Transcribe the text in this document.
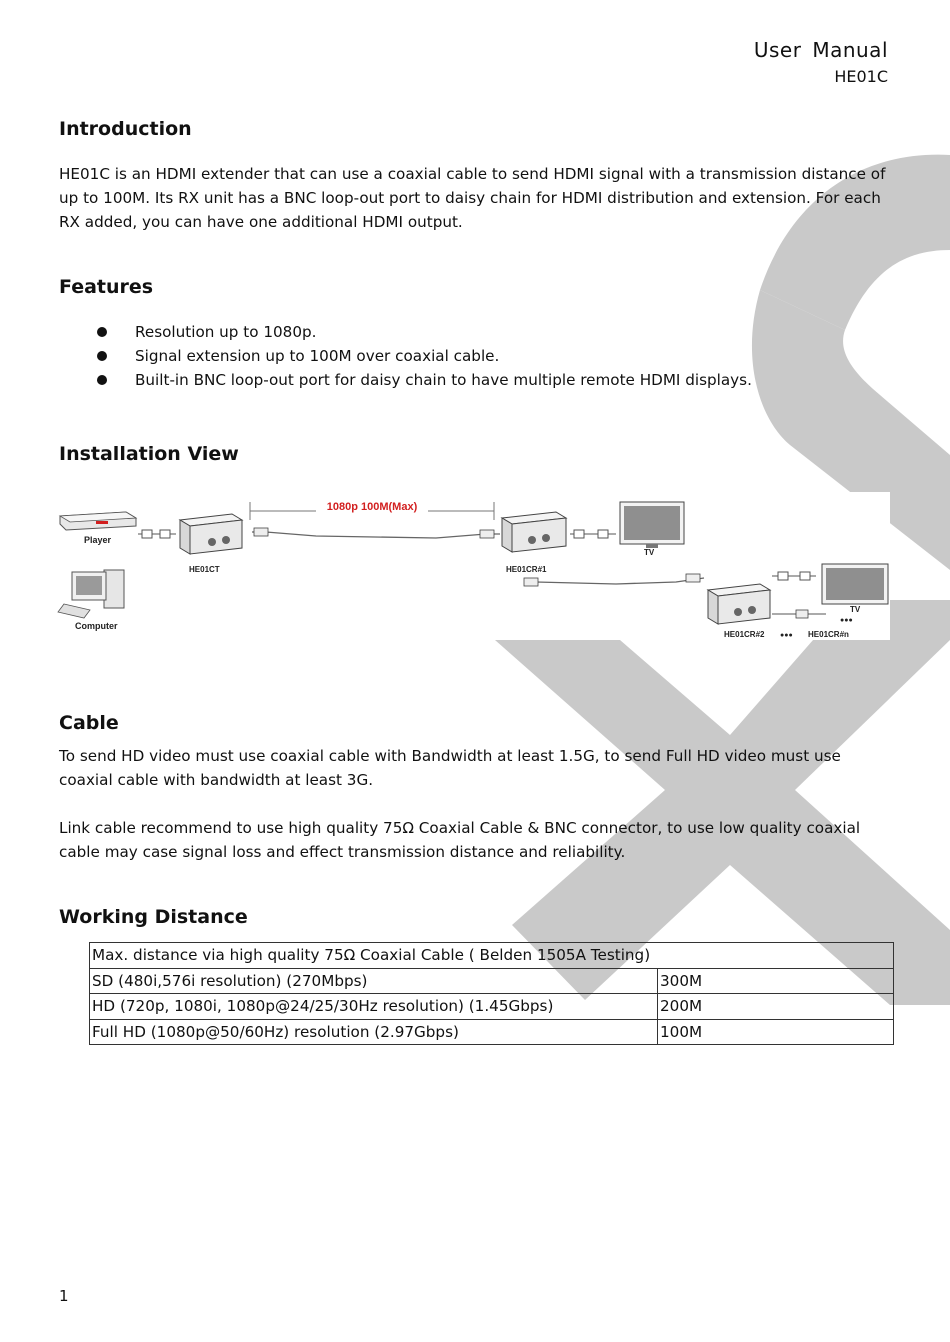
User Manual
HE01C
Introduction

HE01C is an HDMI extender that can use a coaxial cable to send HDMI signal with a transmission distance of up to 100M. Its RX unit has a BNC loop-out port to daisy chain for HDMI distribution and extension. For each RX added, you can have one additional HDMI output.

Features
Resolution up to 1080p.
Signal extension up to 100M over coaxial cable.
Built-in BNC loop-out port for daisy chain to have multiple remote HDMI displays.
Installation View
1080p 100M(Max)
Player
Computer
HE01CT	HE01CR#1
TV
HE01CR#2 ●●● HE01CR#n
●●●
TV
Cable

To send HD video must use coaxial cable with Bandwidth at least 1.5G, to send Full HD video must use coaxial cable with bandwidth at least 3G.

Link cable recommend to use high quality 75Ω Coaxial Cable & BNC connector, to use low quality coaxial cable may case signal loss and effect transmission distance and reliability.

Working Distance
Max. distance via high quality 75Ω Coaxial Cable ( Belden 1505A Testing)	
SD (480i,576i resolution) (270Mbps)	300M
HD (720p, 1080i, 1080p@24/25/30Hz resolution) (1.45Gbps)	200M
Full HD (1080p@50/60Hz) resolution (2.97Gbps)	100M
1
